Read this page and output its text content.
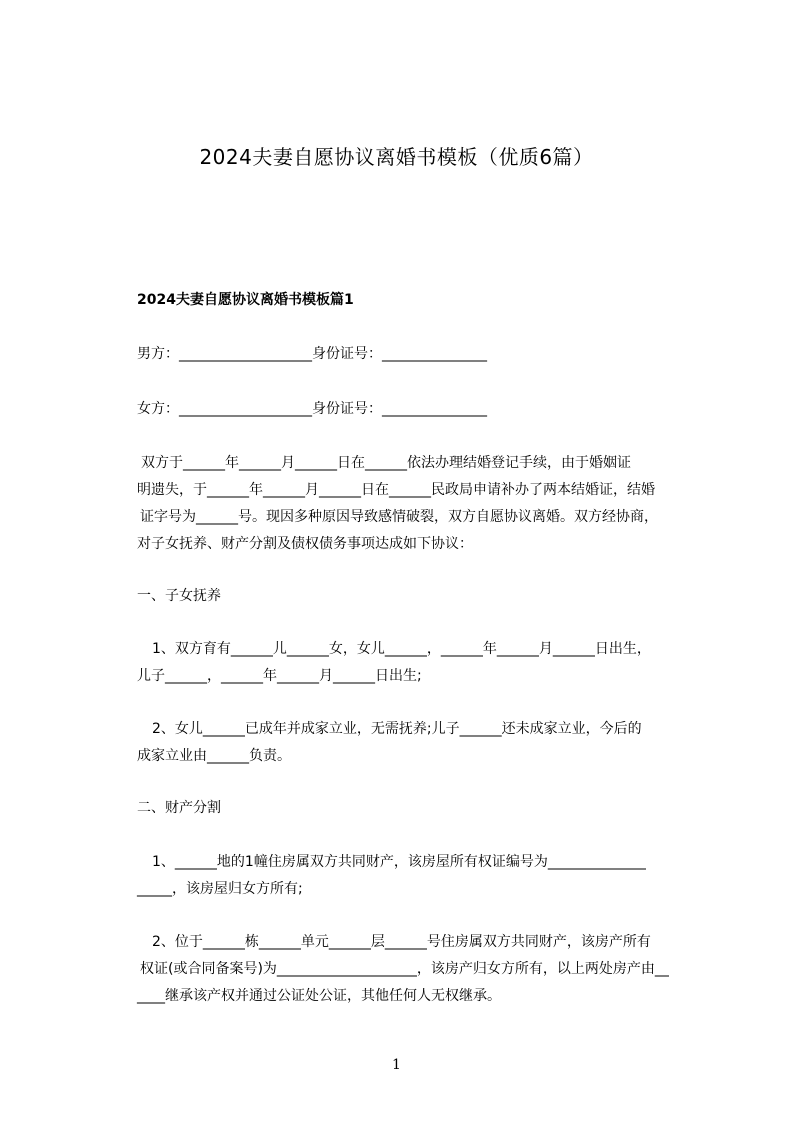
2024夫妻自愿协议离婚书模板（优质6篇）
2024夫妻自愿协议离婚书模板篇1
男方：___________________身份证号：_______________
女方：___________________身份证号：_______________
双方于______年______月______日在______依法办理结婚登记手续，由于婚姻证
明遗失，于______年______月______日在______民政局申请补办了两本结婚证，结婚
证字号为______号。现因多种原因导致感情破裂，双方自愿协议离婚。双方经协商，
对子女抚养、财产分割及债权债务事项达成如下协议：
一、子女抚养
1、双方育有______儿______女，女儿______，______年______月______日出生，
儿子______，______年______月______日出生;
2、女儿______已成年并成家立业，无需抚养;儿子______还未成家立业，今后的
成家立业由______负责。
二、财产分割
1、______地的1幢住房属双方共同财产，该房屋所有权证编号为______________
_____，该房屋归女方所有;
2、位于______栋______单元______层______号住房属双方共同财产，该房产所有
权证(或合同备案号)为____________________，该房产归女方所有，以上两处房产由__
____继承该产权并通过公证处公证，其他任何人无权继承。
1
